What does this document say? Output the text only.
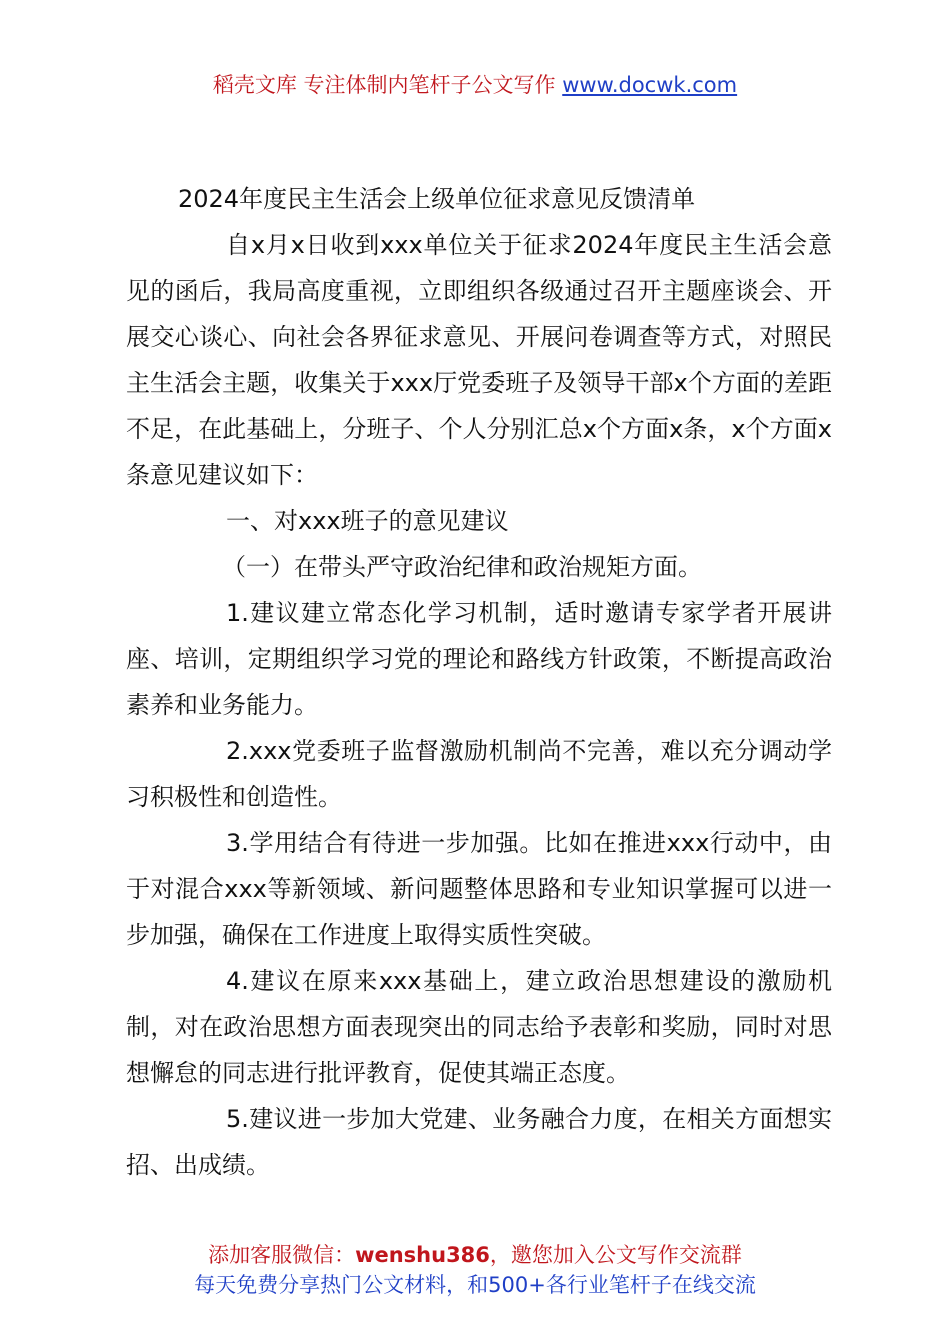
稻壳文库 专注体制内笔杆子公文写作 www.docwk.com
2024年度民主生活会上级单位征求意见反馈清单

自x月x日收到xxx单位关于征求2024年度民主生活会意见的函后，我局高度重视，立即组织各级通过召开主题座谈会、开展交心谈心、向社会各界征求意见、开展问卷调查等方式，对照民主生活会主题，收集关于xxx厅党委班子及领导干部x个方面的差距不足，在此基础上，分班子、个人分别汇总x个方面x条，x个方面x条意见建议如下：

一、对xxx班子的意见建议

（一）在带头严守政治纪律和政治规矩方面。

1.建议建立常态化学习机制，适时邀请专家学者开展讲座、培训，定期组织学习党的理论和路线方针政策，不断提高政治素养和业务能力。

2.xxx党委班子监督激励机制尚不完善，难以充分调动学习积极性和创造性。

3.学用结合有待进一步加强。比如在推进xxx行动中，由于对混合xxx等新领域、新问题整体思路和专业知识掌握可以进一步加强，确保在工作进度上取得实质性突破。

4.建议在原来xxx基础上，建立政治思想建设的激励机制，对在政治思想方面表现突出的同志给予表彰和奖励，同时对思想懈怠的同志进行批评教育，促使其端正态度。

5.建议进一步加大党建、业务融合力度，在相关方面想实招、出成绩。

添加客服微信：wenshu386，邀您加入公文写作交流群
每天免费分享热门公文材料，和500+各行业笔杆子在线交流
